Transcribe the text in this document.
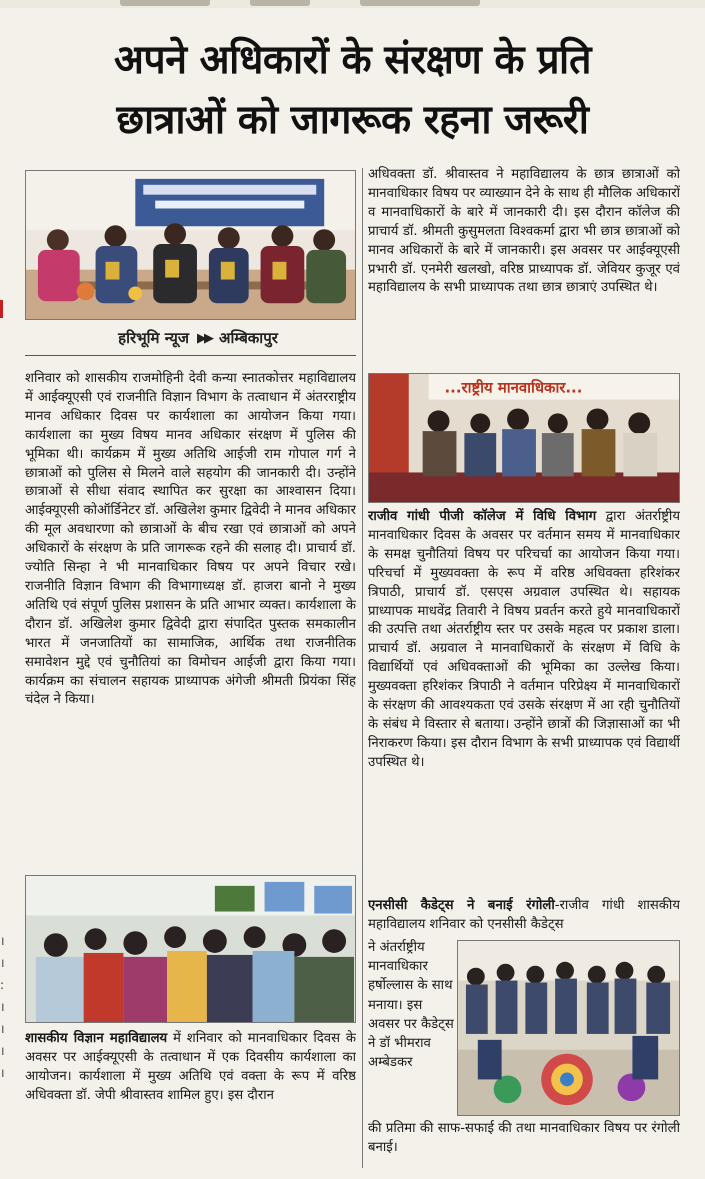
।
।
:
।
।
।
।
अपने अधिकारों के संरक्षण के प्रति
छात्राओं को जागरूक रहना जरूरी
हरिभूमि न्यूज ▶▶ अम्बिकापुर
शनिवार को शासकीय राजमोहिनी देवी कन्या स्नातकोत्तर महाविद्यालय में आईक्यूएसी एवं राजनीति विज्ञान विभाग के तत्वाधान में अंतरराष्ट्रीय मानव अधिकार दिवस पर कार्यशाला का आयोजन किया गया। कार्यशाला का मुख्य विषय मानव अधिकार संरक्षण में पुलिस की भूमिका थी। कार्यक्रम में मुख्य अतिथि आईजी राम गोपाल गर्ग ने छात्राओं को पुलिस से मिलने वाले सहयोग की जानकारी दी। उन्होंने छात्राओं से सीधा संवाद स्थापित कर सुरक्षा का आश्वासन दिया। आईक्यूएसी कोऑर्डिनेटर डॉ. अखिलेश कुमार द्विवेदी ने मानव अधिकार की मूल अवधारणा को छात्राओं के बीच रखा एवं छात्राओं को अपने अधिकारों के संरक्षण के प्रति जागरूक रहने की सलाह दी। प्राचार्य डॉ. ज्योति सिन्हा ने भी मानवाधिकार विषय पर अपने विचार रखे। राजनीति विज्ञान विभाग की विभागाध्यक्ष डॉ. हाजरा बानो ने मुख्य अतिथि एवं संपूर्ण पुलिस प्रशासन के प्रति आभार व्यक्त। कार्यशाला के दौरान डॉ. अखिलेश कुमार द्विवेदी द्वारा संपादित पुस्तक समकालीन भारत में जनजातियों का सामाजिक, आर्थिक तथा राजनीतिक समावेशन मुद्दे एवं चुनौतियां का विमोचन आईजी द्वारा किया गया। कार्यक्रम का संचालन सहायक प्राध्यापक अंगेजी श्रीमती प्रियंका सिंह चंदेल ने किया।
शासकीय विज्ञान महाविद्यालय में शनिवार को मानवाधिकार दिवस के अवसर पर आईक्यूएसी के तत्वाधान में एक दिवसीय कार्यशाला का आयोजन। कार्यशाला में मुख्य अतिथि एवं वक्ता के रूप में वरिष्ठ अधिवक्ता डॉ. जेपी श्रीवास्तव शामिल हुए। इस दौरान
अधिवक्ता डॉ. श्रीवास्तव ने महाविद्यालय के छात्र छात्राओं को मानवाधिकार विषय पर व्याख्यान देने के साथ ही मौलिक अधिकारों व मानवाधिकारों के बारे में जानकारी दी। इस दौरान कॉलेज की प्राचार्य डॉ. श्रीमती कुसुमलता विश्वकर्मा द्वारा भी छात्र छात्राओं को मानव अधिकारों के बारे में जानकारी। इस अवसर पर आईक्यूएसी प्रभारी डॉ. एनमेरी खलखो, वरिष्ठ प्राध्यापक डॉ. जेवियर कुजूर एवं महाविद्यालय के सभी प्राध्यापक तथा छात्र छात्राएं उपस्थित थे।
...राष्ट्रीय मानवाधिकार...
राजीव गांधी पीजी कॉलेज में विधि विभाग द्वारा अंतर्राष्ट्रीय मानवाधिकार दिवस के अवसर पर वर्तमान समय में मानवाधिकार के समक्ष चुनौतियां विषय पर परिचर्चा का आयोजन किया गया। परिचर्चा में मुख्यवक्ता के रूप में वरिष्ठ अधिवक्ता हरिशंकर त्रिपाठी, प्राचार्य डॉ. एसएस अग्रवाल उपस्थित थे। सहायक प्राध्यापक माधवेंद्र तिवारी ने विषय प्रवर्तन करते हुये मानवाधिकारों की उत्पत्ति तथा अंतर्राष्ट्रीय स्तर पर उसके महत्व पर प्रकाश डाला। प्राचार्य डॉ. अग्रवाल ने मानवाधिकारों के संरक्षण में विधि के विद्यार्थियों एवं अधिवक्ताओं की भूमिका का उल्लेख किया। मुख्यवक्ता हरिशंकर त्रिपाठी ने वर्तमान परिप्रेक्ष्य में मानवाधिकारों के संरक्षण की आवश्यकता एवं उसके संरक्षण में आ रही चुनौतियों के संबंध मे विस्तार से बताया। उन्होंने छात्रों की जिज्ञासाओं का भी निराकरण किया। इस दौरान विभाग के सभी प्राध्यापक एवं विद्यार्थी उपस्थित थे।
एनसीसी कैडेट्स ने बनाई रंगोली-राजीव गांधी शासकीय महाविद्यालय शनिवार को एनसीसी कैडेट्स
ने अंतर्राष्ट्रीय मानवाधिकार हर्षोल्लास के साथ मनाया। इस अवसर पर कैडेट्स ने डॉ भीमराव अम्बेडकर
की प्रतिमा की साफ-सफाई की तथा मानवाधिकार विषय पर रंगोली बनाई।
